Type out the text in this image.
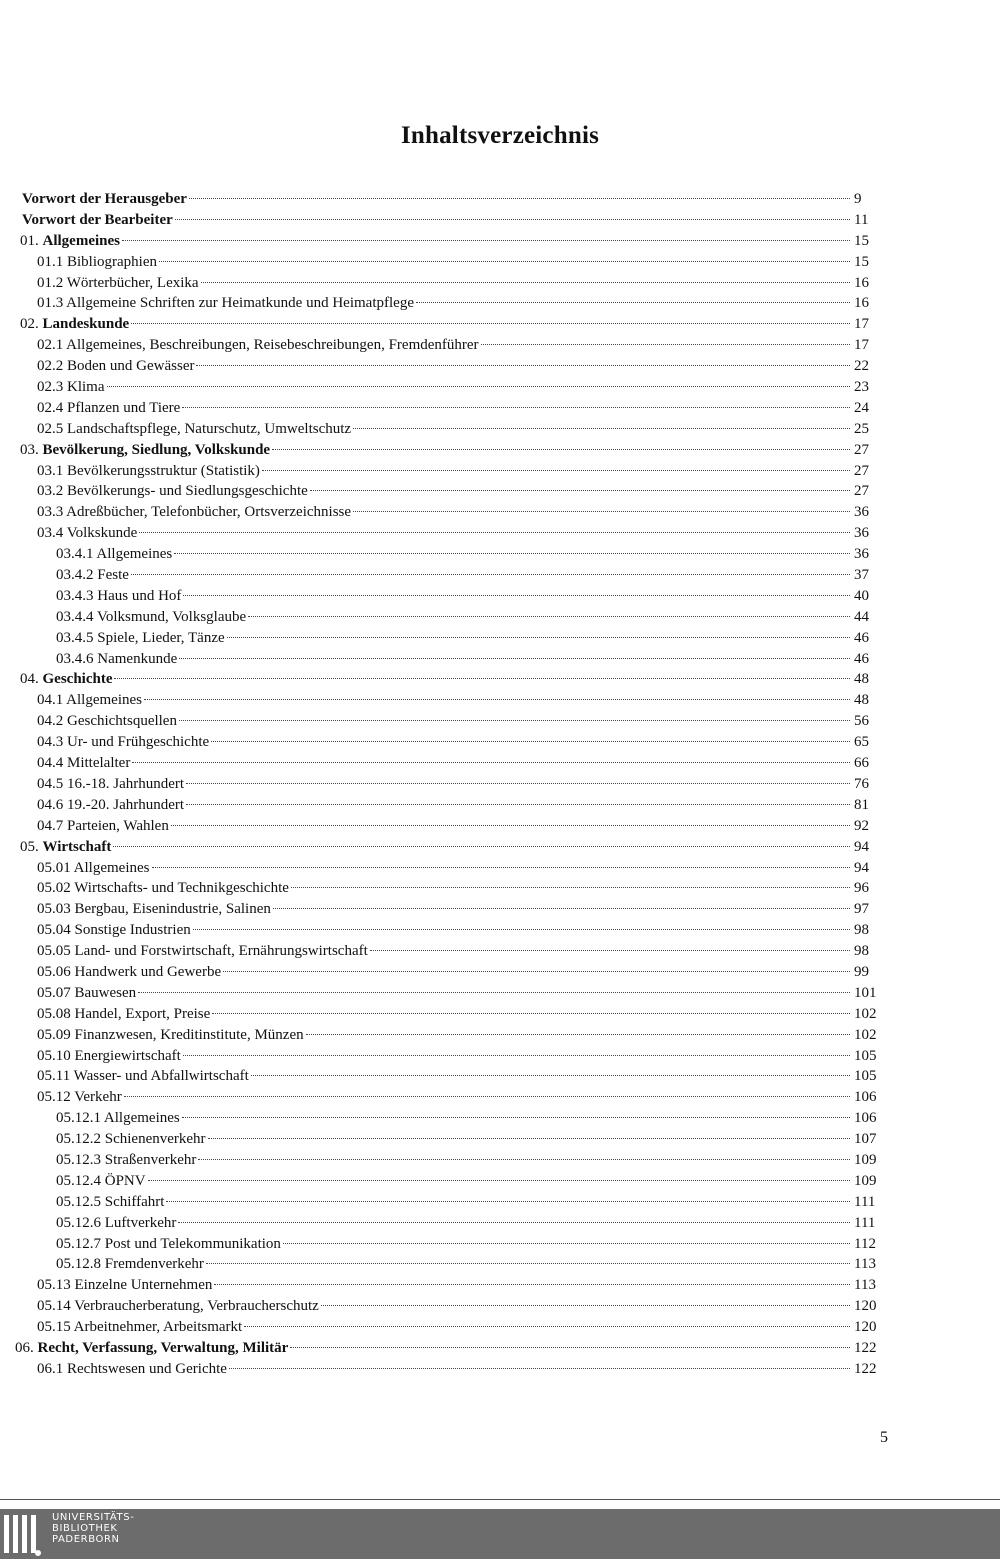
Inhaltsverzeichnis
Vorwort der Herausgeber	9
Vorwort der Bearbeiter	11
01. Allgemeines	15
01.1 Bibliographien	15
01.2 Wörterbücher, Lexika	16
01.3 Allgemeine Schriften zur Heimatkunde und Heimatpflege	16
02. Landeskunde	17
02.1 Allgemeines, Beschreibungen, Reisebeschreibungen, Fremdenführer	17
02.2 Boden und Gewässer	22
02.3 Klima	23
02.4 Pflanzen und Tiere	24
02.5 Landschaftspflege, Naturschutz, Umweltschutz	25
03. Bevölkerung, Siedlung, Volkskunde	27
03.1 Bevölkerungsstruktur (Statistik)	27
03.2 Bevölkerungs- und Siedlungsgeschichte	27
03.3 Adreßbücher, Telefonbücher, Ortsverzeichnisse	36
03.4 Volkskunde	36
03.4.1 Allgemeines	36
03.4.2 Feste	37
03.4.3 Haus und Hof	40
03.4.4 Volksmund, Volksglaube	44
03.4.5 Spiele, Lieder, Tänze	46
03.4.6 Namenkunde	46
04. Geschichte	48
04.1 Allgemeines	48
04.2 Geschichtsquellen	56
04.3 Ur- und Frühgeschichte	65
04.4 Mittelalter	66
04.5 16.-18. Jahrhundert	76
04.6 19.-20. Jahrhundert	81
04.7 Parteien, Wahlen	92
05. Wirtschaft	94
05.01 Allgemeines	94
05.02 Wirtschafts- und Technikgeschichte	96
05.03 Bergbau, Eisenindustrie, Salinen	97
05.04 Sonstige Industrien	98
05.05 Land- und Forstwirtschaft, Ernährungswirtschaft	98
05.06 Handwerk und Gewerbe	99
05.07 Bauwesen	101
05.08 Handel, Export, Preise	102
05.09 Finanzwesen, Kreditinstitute, Münzen	102
05.10 Energiewirtschaft	105
05.11 Wasser- und Abfallwirtschaft	105
05.12 Verkehr	106
05.12.1 Allgemeines	106
05.12.2 Schienenverkehr	107
05.12.3 Straßenverkehr	109
05.12.4 ÖPNV	109
05.12.5 Schiffahrt	111
05.12.6 Luftverkehr	111
05.12.7 Post und Telekommunikation	112
05.12.8 Fremdenverkehr	113
05.13 Einzelne Unternehmen	113
05.14 Verbraucherberatung, Verbraucherschutz	120
05.15 Arbeitnehmer, Arbeitsmarkt	120
06. Recht, Verfassung, Verwaltung, Militär	122
06.1 Rechtswesen und Gerichte	122
5
UNIVERSITÄTS-
BIBLIOTHEK
PADERBORN
